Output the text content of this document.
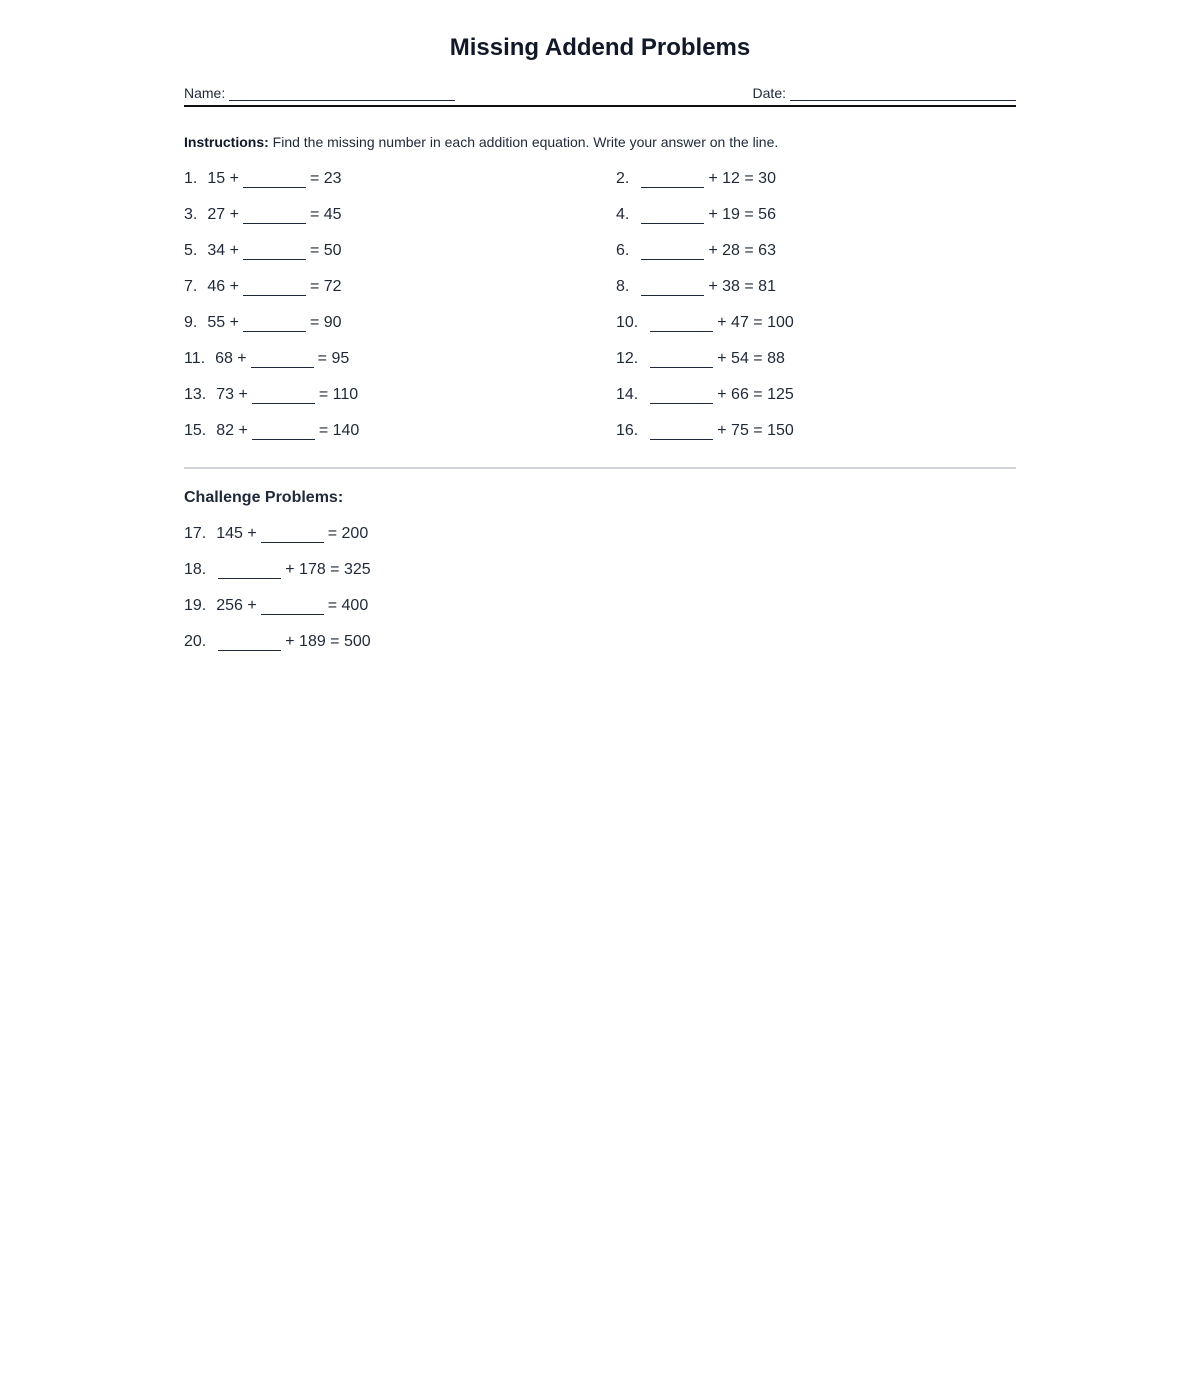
Missing Addend Problems
Name:	Date:
Instructions: Find the missing number in each addition equation. Write your answer on the line.
1. 15 +	= 23	2.	+ 12 = 30
3. 27 +	= 45	4.	+ 19 = 56
5. 34 +	= 50	6.	+ 28 = 63
7. 46 +	= 72	8.	+ 38 = 81
9. 55 +	= 90	10.	+ 47 = 100
11. 68 +	= 95	12.	+ 54 = 88
13. 73 +	= 110	14.	+ 66 = 125
15. 82 +	= 140	16.	+ 75 = 150
Challenge Problems:
17. 145 +	= 200
18.	+ 178 = 325
19. 256 +	= 400
20.	+ 189 = 500
